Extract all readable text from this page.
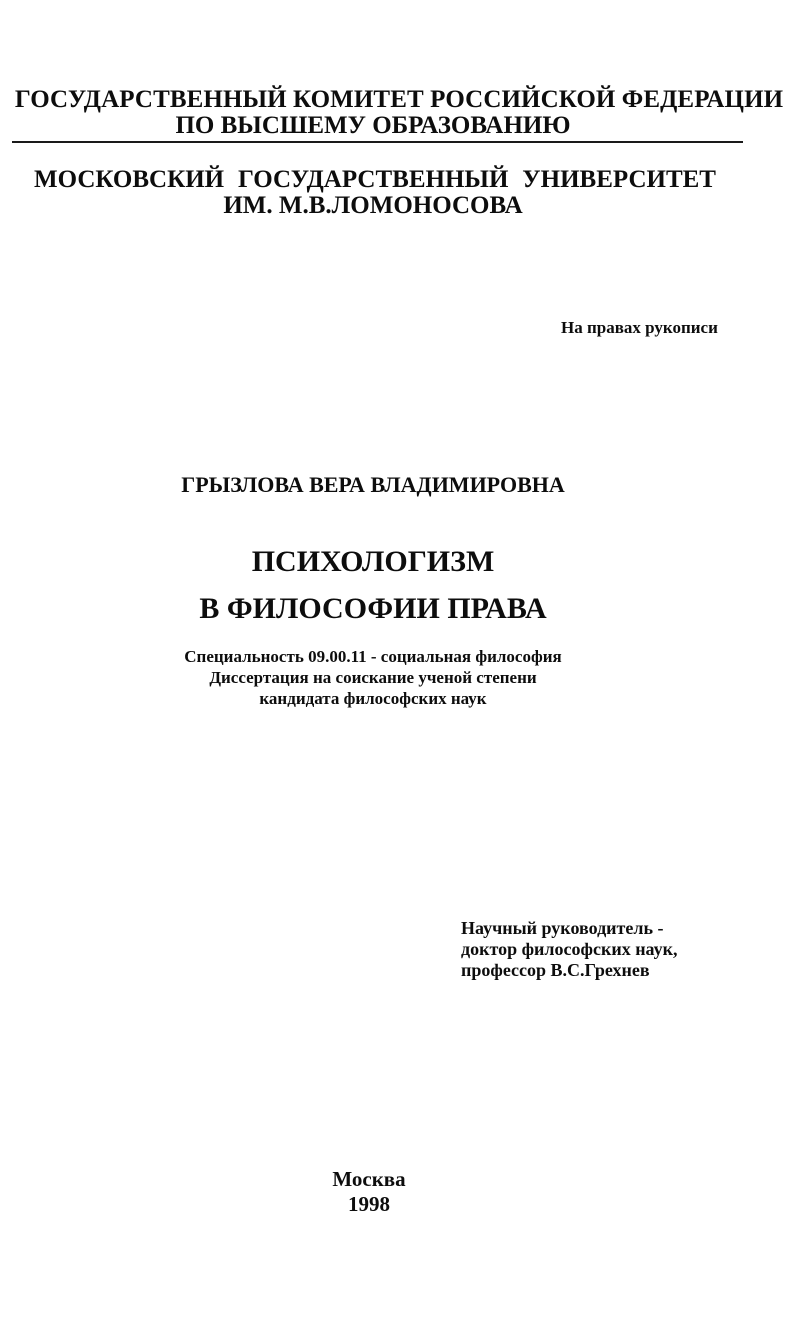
ГОСУДАРСТВЕННЫЙ КОМИТЕТ РОССИЙСКОЙ ФЕДЕРАЦИИ
ПО ВЫСШЕМУ ОБРАЗОВАНИЮ
МОСКОВСКИЙ ГОСУДАРСТВЕННЫЙ УНИВЕРСИТЕТ
ИМ. М.В.ЛОМОНОСОВА
На правах рукописи
ГРЫЗЛОВА ВЕРА ВЛАДИМИРОВНА
ПСИХОЛОГИЗМ
В ФИЛОСОФИИ ПРАВА
Специальность 09.00.11 - социальная философия
Диссертация на соискание ученой степени
кандидата философских наук
Научный руководитель -
доктор философских наук,
профессор В.С.Грехнев
Москва
1998
